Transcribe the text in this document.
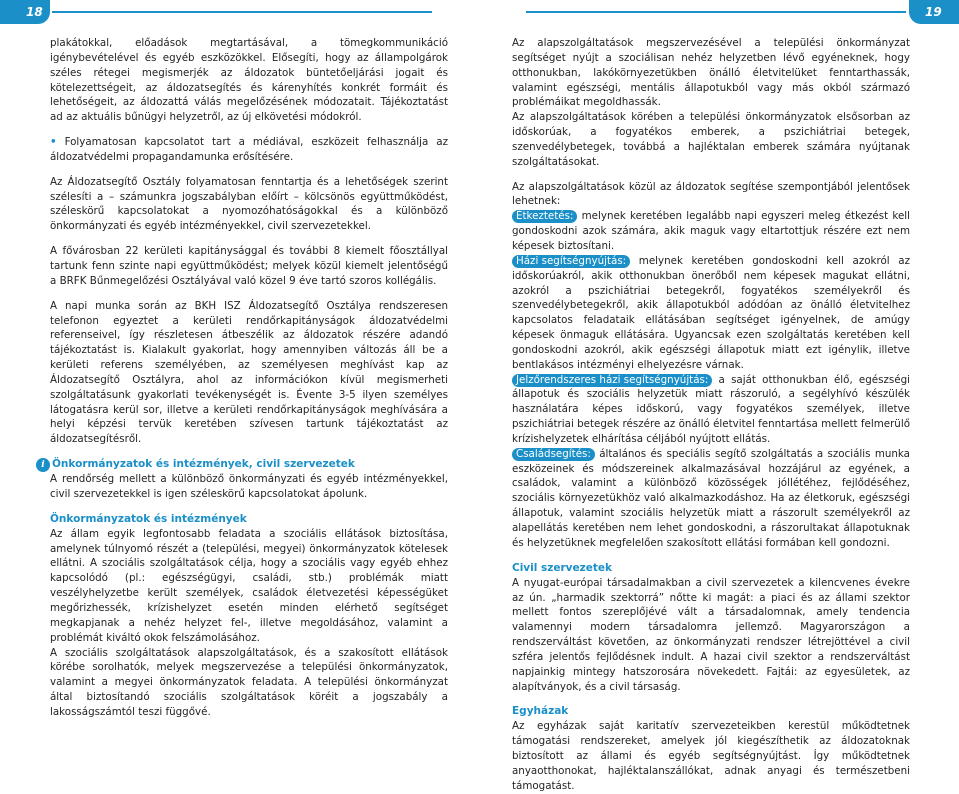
18	19

plakátokkal, előadások megtartásával, a tömegkommunikáció igénybevételével és egyéb eszközökkel. Elősegíti, hogy az állampolgárok széles rétegei megismerjék az áldozatok büntetőeljárási jogait és kötelezettségeit, az áldozatsegítés és kárenyhítés konkrét formáit és lehetőségeit, az áldozattá válás megelőzésének módozatait. Tájékoztatást ad az aktuális bűnügyi helyzetről, az új elkövetési módokról.

• Folyamatosan kapcsolatot tart a médiával, eszközeit felhasználja az áldozatvédelmi propagandamunka erősítésére.

Az Áldozatsegítő Osztály folyamatosan fenntartja és a lehetőségek szerint szélesíti a – számunkra jogszabályban előírt – kölcsönös együttműködést, széleskörű kapcsolatokat a nyomozóhatóságokkal és a különböző önkormányzati és egyéb intézményekkel, civil szervezetekkel.

A fővárosban 22 kerületi kapitánysággal és további 8 kiemelt főosztállyal tartunk fenn szinte napi együttműködést; melyek közül kiemelt jelentőségű a BRFK Bűnmegelőzési Osztályával való közel 9 éve tartó szoros kollégális.

A napi munka során az BKH ISZ Áldozatsegítő Osztálya rendszeresen telefonon egyeztet a kerületi rendőrkapitányságok áldozatvédelmi referenseivel, így részletesen átbeszélik az áldozatok részére adandó tájékoztatást is. Kialakult gyakorlat, hogy amennyiben változás áll be a kerületi referens személyében, az személyesen meghívást kap az Áldozatsegítő Osztályra, ahol az információkon kívül megismerheti szolgáltatásunk gyakorlati tevékenységét is. Évente 3-5 ilyen személyes látogatásra kerül sor, illetve a kerületi rendőrkapitányságok meghívására a helyi képzési tervük keretében szívesen tartunk tájékoztatást az áldozatsegítésről.

i Önkormányzatok és intézmények, civil szervezetek

A rendőrség mellett a különböző önkormányzati és egyéb intézményekkel, civil szervezetekkel is igen széleskörű kapcsolatokat ápolunk.

Önkormányzatok és intézmények

Az állam egyik legfontosabb feladata a szociális ellátások biztosítása, amelynek túlnyomó részét a (települési, megyei) önkormányzatok kötelesek ellátni. A szociális szolgáltatások célja, hogy a szociális vagy egyéb ehhez kapcsolódó (pl.: egészségügyi, családi, stb.) problémák miatt veszélyhelyzetbe került személyek, családok életvezetési képességüket megőrizhessék, krízishelyzet esetén minden elérhető segítséget megkapjanak a nehéz helyzet fel-, illetve megoldásához, valamint a problémát kiváltó okok felszámolásához.

A szociális szolgáltatások alapszolgáltatások, és a szakosított ellátások körébe sorolhatók, melyek megszervezése a települési önkormányzatok, valamint a megyei önkormányzatok feladata. A települési önkormányzat által biztosítandó szociális szolgáltatások köréit a jogszabály a lakosságszámtól teszi függővé.

Az alapszolgáltatások megszervezésével a települési önkormányzat segítséget nyújt a szociálisan nehéz helyzetben lévő egyéneknek, hogy otthonukban, lakókörnyezetükben önálló életvitelüket fenntarthassák, valamint egészségi, mentális állapotukból vagy más okból származó problémáikat megoldhassák.

Az alapszolgáltatások körében a települési önkormányzatok elsősorban az időskorúak, a fogyatékos emberek, a pszichiátriai betegek, szenvedélybetegek, továbbá a hajléktalan emberek számára nyújtanak szolgáltatásokat.

Az alapszolgáltatások közül az áldozatok segítése szempontjából jelentősek lehetnek:

Étkeztetés: melynek keretében legalább napi egyszeri meleg étkezést kell gondoskodni azok számára, akik maguk vagy eltartottjuk részére ezt nem képesek biztosítani.

Házi segítségnyújtás: melynek keretében gondoskodni kell azokról az időskorúakról, akik otthonukban önerőből nem képesek magukat ellátni, azokról a pszichiátriai betegekről, fogyatékos személyekről és szenvedélybetegekről, akik állapotukból adódóan az önálló életvitelhez kapcsolatos feladataik ellátásában segítséget igényelnek, de amúgy képesek önmaguk ellátására. Ugyancsak ezen szolgáltatás keretében kell gondoskodni azokról, akik egészségi állapotuk miatt ezt igénylik, illetve bentlakásos intézményi elhelyezésre várnak.

Jelzőrendszeres házi segítségnyújtás: a saját otthonukban élő, egészségi állapotuk és szociális helyzetük miatt rászoruló, a segélyhívó készülék használatára képes időskorú, vagy fogyatékos személyek, illetve pszichiátriai betegek részére az önálló életvitel fenntartása mellett felmerülő krízishelyzetek elhárítása céljából nyújtott ellátás.

Családsegítés: általános és speciális segítő szolgáltatás a szociális munka eszközeinek és módszereinek alkalmazásával hozzájárul az egyének, a családok, valamint a különböző közösségek jóllétéhez, fejlődéséhez, szociális környezetükhöz való alkalmazkodáshoz. Ha az életkoruk, egészségi állapotuk, valamint szociális helyzetük miatt a rászorult személyekről az alapellátás keretében nem lehet gondoskodni, a rászorultakat állapotuknak és helyzetüknek megfelelően szakosított ellátási formában kell gondozni.

Civil szervezetek

A nyugat-európai társadalmakban a civil szervezetek a kilencvenes évekre az ún. „harmadik szektorrá” nőtte ki magát: a piaci és az állami szektor mellett fontos szereplőjévé vált a társadalomnak, amely tendencia valamennyi modern társadalomra jellemző. Magyarországon a rendszerváltást követően, az önkormányzati rendszer létrejöttével a civil szféra jelentős fejlődésnek indult. A hazai civil szektor a rendszerváltást napjainkig mintegy hatszorosára növekedett. Fajtái: az egyesületek, az alapítványok, és a civil társaság.

Egyházak

Az egyházak saját karitatív szervezeteikben kerestül működtetnek támogatási rendszereket, amelyek jól kiegészíthetik az áldozatoknak biztosított az állami és egyéb segítségnyújtást. Így működtetnek anyaotthonokat, hajléktalanszállókat, adnak anyagi és természetbeni támogatást.
